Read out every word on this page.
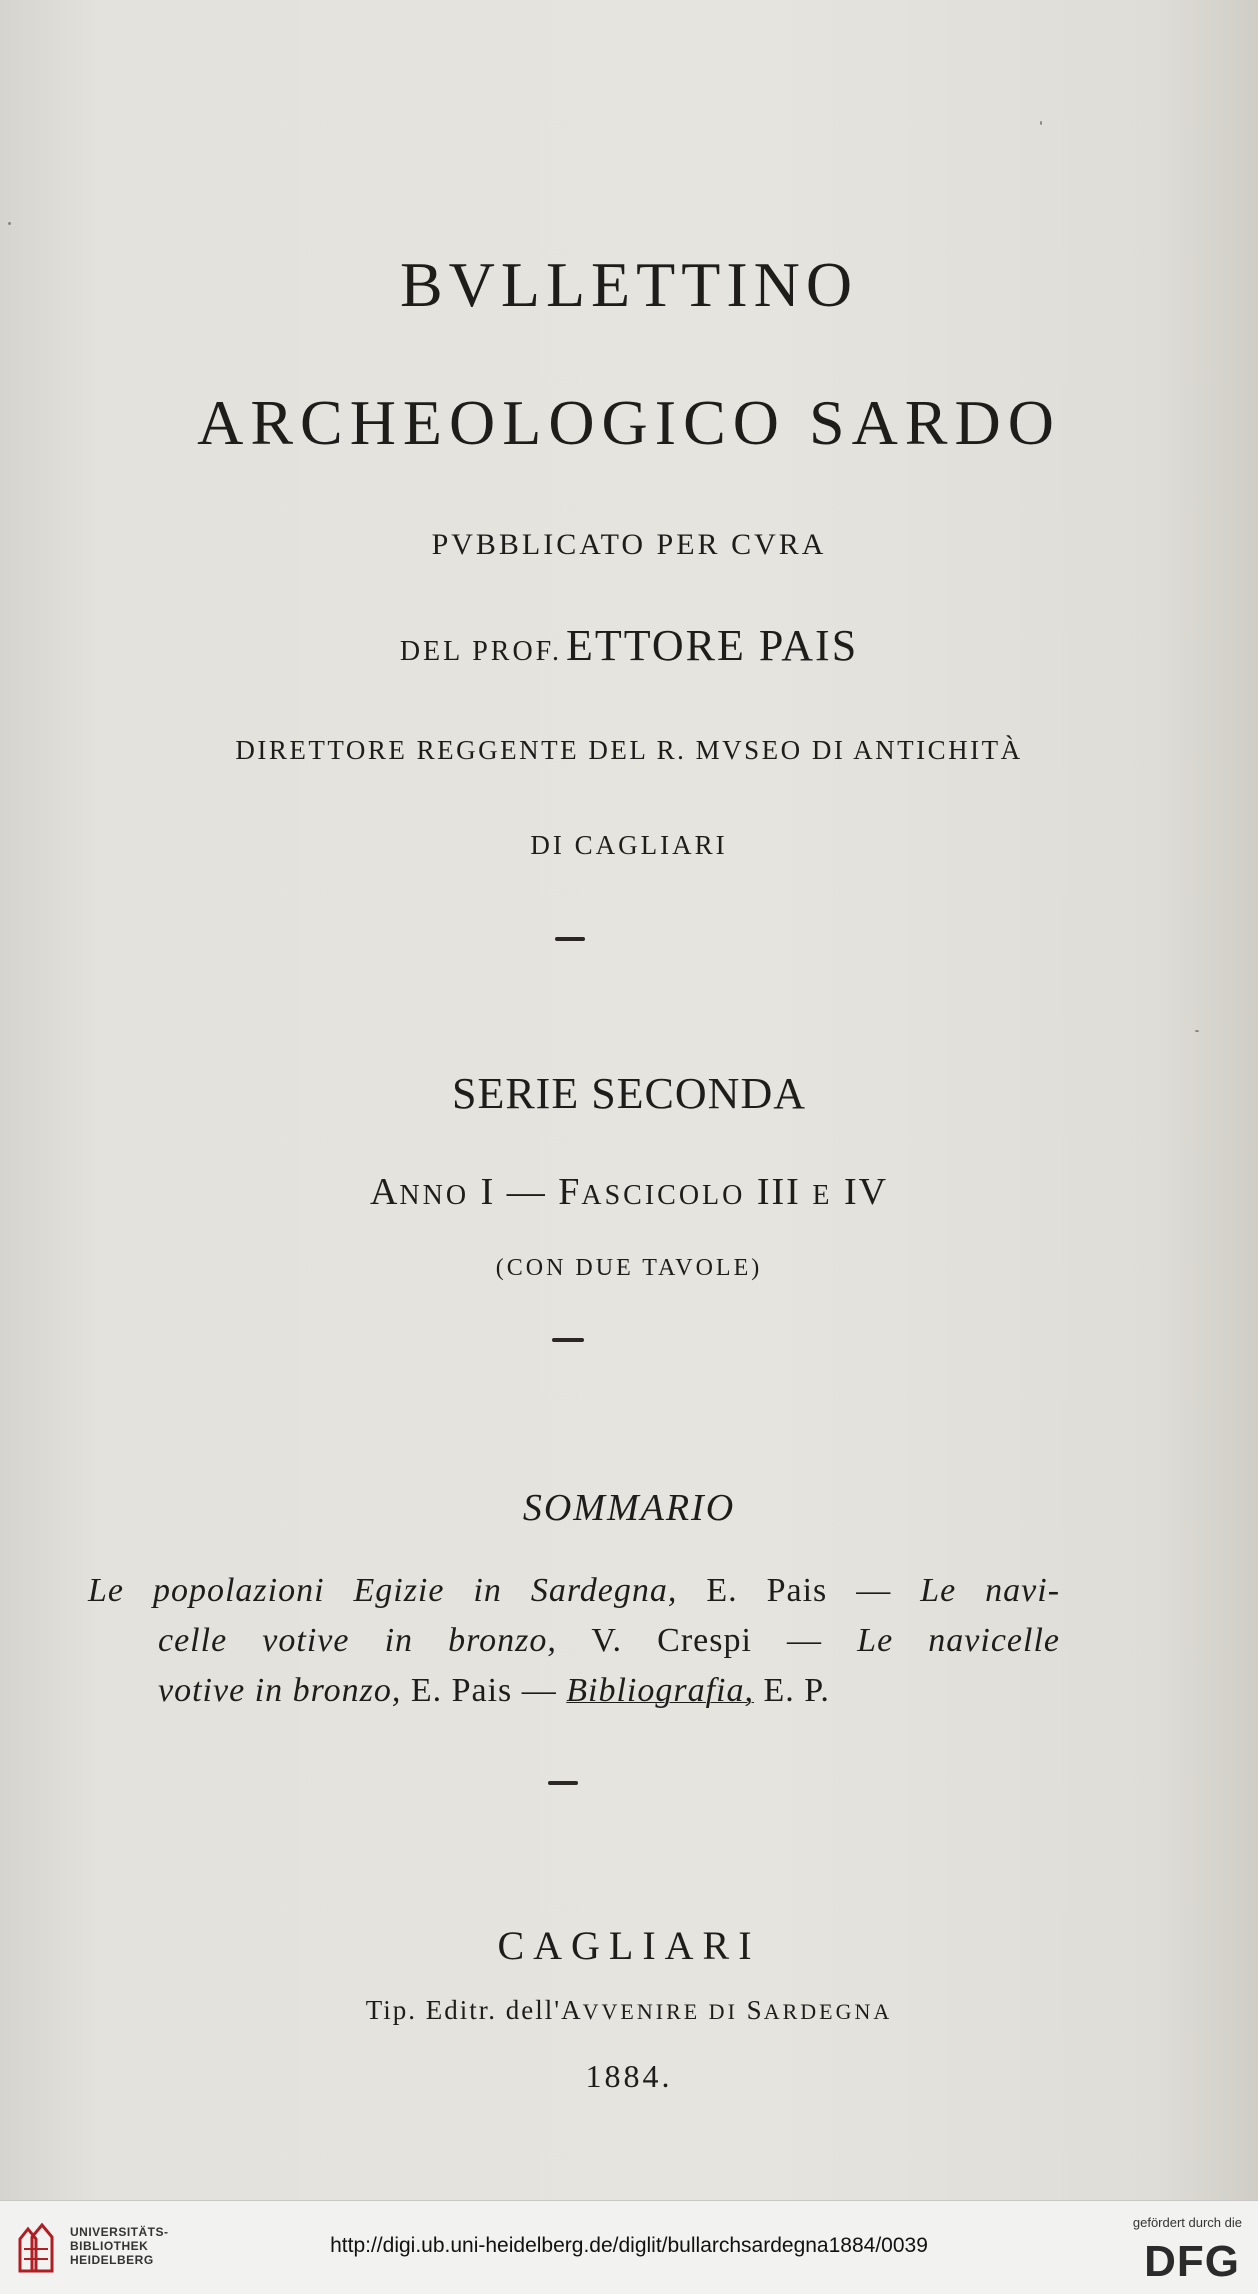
BVLLETTINO
ARCHEOLOGICO SARDO
PVBBLICATO PER CVRA
DEL PROF. ETTORE PAIS
DIRETTORE REGGENTE DEL R. MVSEO DI ANTICHITÀ
DI CAGLIARI
SERIE SECONDA
ANNO I — FASCICOLO III E IV
(CON DUE TAVOLE)
SOMMARIO
Le popolazioni Egizie in Sardegna, E. Pais — Le navi-
celle votive in bronzo, V. Crespi — Le navicelle
votive in bronzo, E. Pais — Bibliografia, E. P.
CAGLIARI
Tip. Editr. dell'AVVENIRE DI SARDEGNA
1884.
UNIVERSITÄTS-
BIBLIOTHEK
HEIDELBERG
http://digi.ub.uni-heidelberg.de/diglit/bullarchsardegna1884/0039
gefördert durch die
DFG
